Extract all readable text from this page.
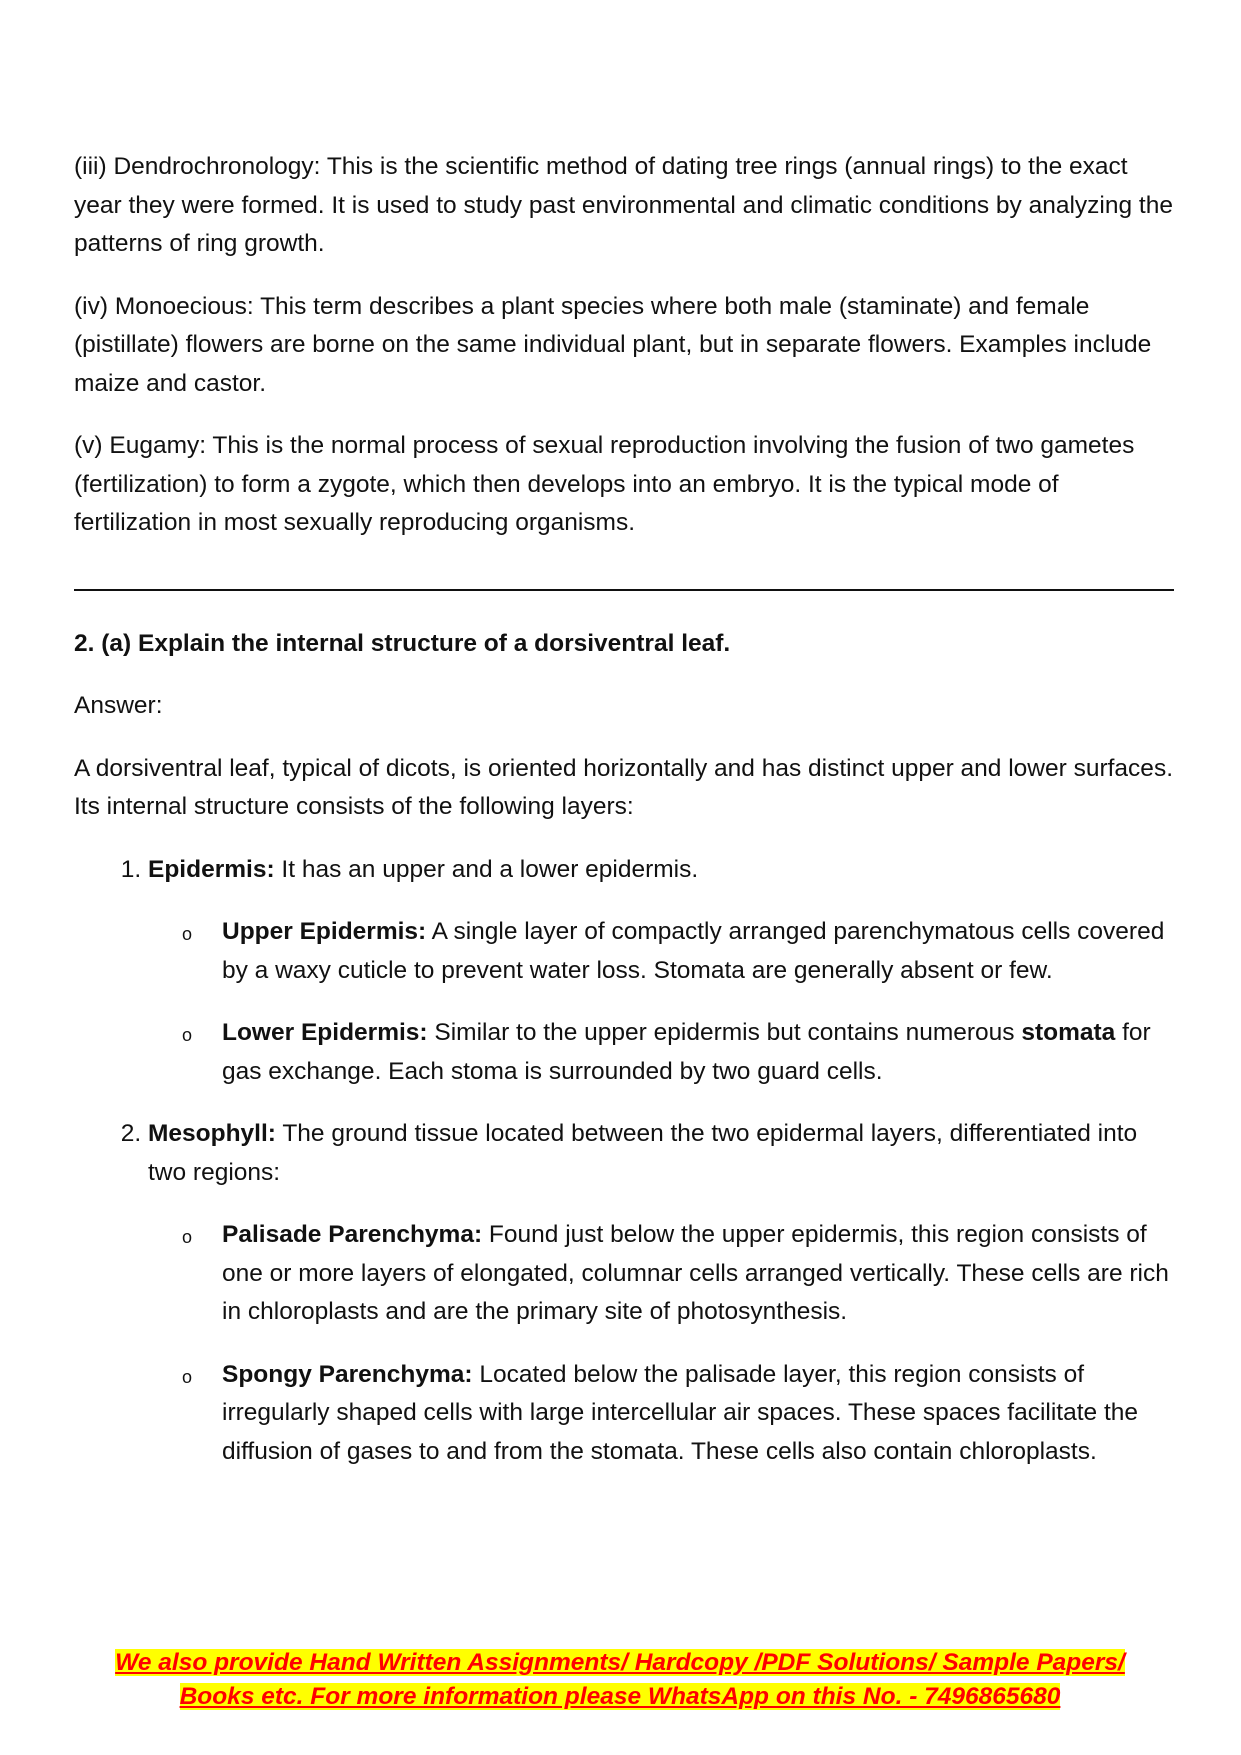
(iii) Dendrochronology: This is the scientific method of dating tree rings (annual rings) to the exact year they were formed. It is used to study past environmental and climatic conditions by analyzing the patterns of ring growth.

(iv) Monoecious: This term describes a plant species where both male (staminate) and female (pistillate) flowers are borne on the same individual plant, but in separate flowers. Examples include maize and castor.

(v) Eugamy: This is the normal process of sexual reproduction involving the fusion of two gametes (fertilization) to form a zygote, which then develops into an embryo. It is the typical mode of fertilization in most sexually reproducing organisms.

2. (a) Explain the internal structure of a dorsiventral leaf.

Answer:

A dorsiventral leaf, typical of dicots, is oriented horizontally and has distinct upper and lower surfaces. Its internal structure consists of the following layers:

1. Epidermis: It has an upper and a lower epidermis.
o Upper Epidermis: A single layer of compactly arranged parenchymatous cells covered by a waxy cuticle to prevent water loss. Stomata are generally absent or few.
o Lower Epidermis: Similar to the upper epidermis but contains numerous stomata for gas exchange. Each stoma is surrounded by two guard cells.
2. Mesophyll: The ground tissue located between the two epidermal layers, differentiated into two regions:
o Palisade Parenchyma: Found just below the upper epidermis, this region consists of one or more layers of elongated, columnar cells arranged vertically. These cells are rich in chloroplasts and are the primary site of photosynthesis.
o Spongy Parenchyma: Located below the palisade layer, this region consists of irregularly shaped cells with large intercellular air spaces. These spaces facilitate the diffusion of gases to and from the stomata. These cells also contain chloroplasts.
We also provide Hand Written Assignments/ Hardcopy /PDF Solutions/ Sample Papers/
Books etc. For more information please WhatsApp on this No. - 7496865680
